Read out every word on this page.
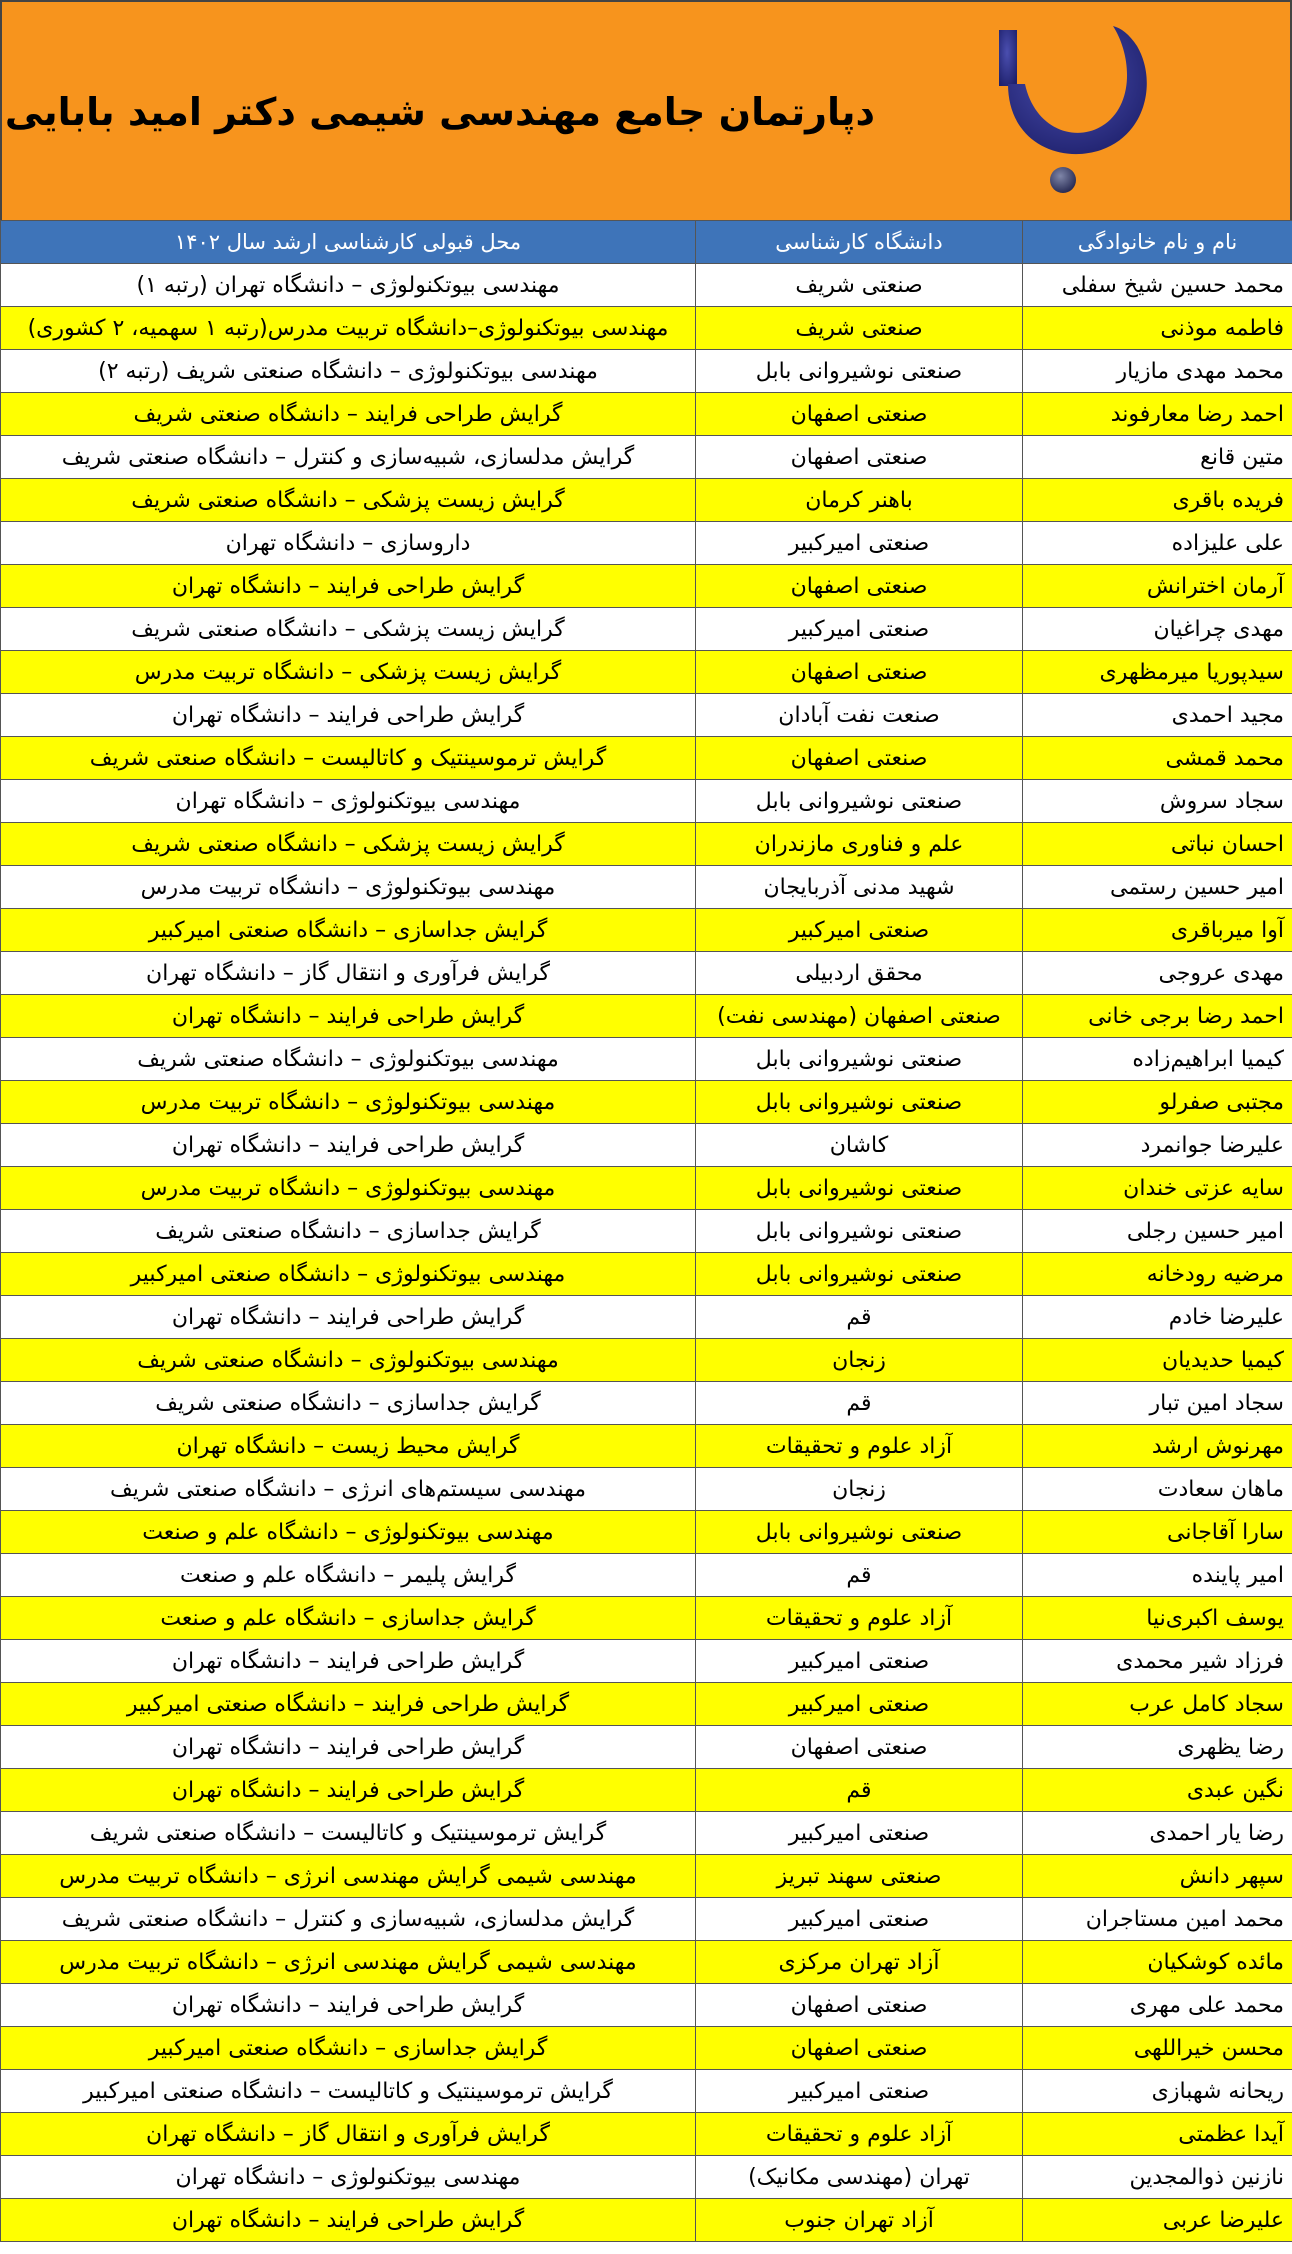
دپارتمان جامع مهندسی شیمی دکتر امید بابایی
نام و نام خانوادگی	دانشگاه کارشناسی	محل قبولی کارشناسی ارشد سال ۱۴۰۲
محمد حسین شیخ سفلی	صنعتی شریف	مهندسی بیوتکنولوژی – دانشگاه تهران (رتبه ۱)
فاطمه موذنی	صنعتی شریف	مهندسی بیوتکنولوژی–دانشگاه تربیت مدرس(رتبه ۱ سهمیه، ۲ کشوری)
محمد مهدی مازیار	صنعتی نوشیروانی بابل	مهندسی بیوتکنولوژی – دانشگاه صنعتی شریف (رتبه ۲)
احمد رضا معارفوند	صنعتی اصفهان	گرایش طراحی فرایند – دانشگاه صنعتی شریف
متین قانع	صنعتی اصفهان	گرایش مدلسازی، شبیه‌سازی و کنترل – دانشگاه صنعتی شریف
فریده باقری	باهنر کرمان	گرایش زیست پزشکی – دانشگاه صنعتی شریف
علی علیزاده	صنعتی امیرکبیر	داروسازی – دانشگاه تهران
آرمان اخترانش	صنعتی اصفهان	گرایش طراحی فرایند – دانشگاه تهران
مهدی چراغیان	صنعتی امیرکبیر	گرایش زیست پزشکی – دانشگاه صنعتی شریف
سیدپوریا میرمظهری	صنعتی اصفهان	گرایش زیست پزشکی – دانشگاه تربیت مدرس
مجید احمدی	صنعت نفت آبادان	گرایش طراحی فرایند – دانشگاه تهران
محمد قمشی	صنعتی اصفهان	گرایش ترموسینتیک و کاتالیست – دانشگاه صنعتی شریف
سجاد سروش	صنعتی نوشیروانی بابل	مهندسی بیوتکنولوژی – دانشگاه تهران
احسان نباتی	علم و فناوری مازندران	گرایش زیست پزشکی – دانشگاه صنعتی شریف
امیر حسین رستمی	شهید مدنی آذربایجان	مهندسی بیوتکنولوژی – دانشگاه تربیت مدرس
آوا میرباقری	صنعتی امیرکبیر	گرایش جداسازی – دانشگاه صنعتی امیرکبیر
مهدی عروجی	محقق اردبیلی	گرایش فرآوری و انتقال گاز – دانشگاه تهران
احمد رضا برجی خانی	صنعتی اصفهان (مهندسی نفت)	گرایش طراحی فرایند – دانشگاه تهران
کیمیا ابراهیم‌زاده	صنعتی نوشیروانی بابل	مهندسی بیوتکنولوژی – دانشگاه صنعتی شریف
مجتبی صفرلو	صنعتی نوشیروانی بابل	مهندسی بیوتکنولوژی – دانشگاه تربیت مدرس
علیرضا جوانمرد	کاشان	گرایش طراحی فرایند – دانشگاه تهران
سایه عزتی خندان	صنعتی نوشیروانی بابل	مهندسی بیوتکنولوژی – دانشگاه تربیت مدرس
امیر حسین رجلی	صنعتی نوشیروانی بابل	گرایش جداسازی – دانشگاه صنعتی شریف
مرضیه رودخانه	صنعتی نوشیروانی بابل	مهندسی بیوتکنولوژی – دانشگاه صنعتی امیرکبیر
علیرضا خادم	قم	گرایش طراحی فرایند – دانشگاه تهران
کیمیا حدیدیان	زنجان	مهندسی بیوتکنولوژی – دانشگاه صنعتی شریف
سجاد امین تبار	قم	گرایش جداسازی – دانشگاه صنعتی شریف
مهرنوش ارشد	آزاد علوم و تحقیقات	گرایش محیط زیست – دانشگاه تهران
ماهان سعادت	زنجان	مهندسی سیستم‌های انرژی – دانشگاه صنعتی شریف
سارا آقاجانی	صنعتی نوشیروانی بابل	مهندسی بیوتکنولوژی – دانشگاه علم و صنعت
امیر پاینده	قم	گرایش پلیمر – دانشگاه علم و صنعت
یوسف اکبری‌نیا	آزاد علوم و تحقیقات	گرایش جداسازی – دانشگاه علم و صنعت
فرزاد شیر محمدی	صنعتی امیرکبیر	گرایش طراحی فرایند – دانشگاه تهران
سجاد کامل عرب	صنعتی امیرکبیر	گرایش طراحی فرایند – دانشگاه صنعتی امیرکبیر
رضا یظهری	صنعتی اصفهان	گرایش طراحی فرایند – دانشگاه تهران
نگین عبدی	قم	گرایش طراحی فرایند – دانشگاه تهران
رضا یار احمدی	صنعتی امیرکبیر	گرایش ترموسینتیک و کاتالیست – دانشگاه صنعتی شریف
سپهر دانش	صنعتی سهند تبریز	مهندسی شیمی گرایش مهندسی انرژی – دانشگاه تربیت مدرس
محمد امین مستاجران	صنعتی امیرکبیر	گرایش مدلسازی، شبیه‌سازی و کنترل – دانشگاه صنعتی شریف
مائده کوشکیان	آزاد تهران مرکزی	مهندسی شیمی گرایش مهندسی انرژی – دانشگاه تربیت مدرس
محمد علی مهری	صنعتی اصفهان	گرایش طراحی فرایند – دانشگاه تهران
محسن خیراللهی	صنعتی اصفهان	گرایش جداسازی – دانشگاه صنعتی امیرکبیر
ریحانه شهبازی	صنعتی امیرکبیر	گرایش ترموسینتیک و کاتالیست – دانشگاه صنعتی امیرکبیر
آیدا عظمتی	آزاد علوم و تحقیقات	گرایش فرآوری و انتقال گاز – دانشگاه تهران
نازنین ذوالمجدین	تهران (مهندسی مکانیک)	مهندسی بیوتکنولوژی – دانشگاه تهران
علیرضا عربی	آزاد تهران جنوب	گرایش طراحی فرایند – دانشگاه تهران
